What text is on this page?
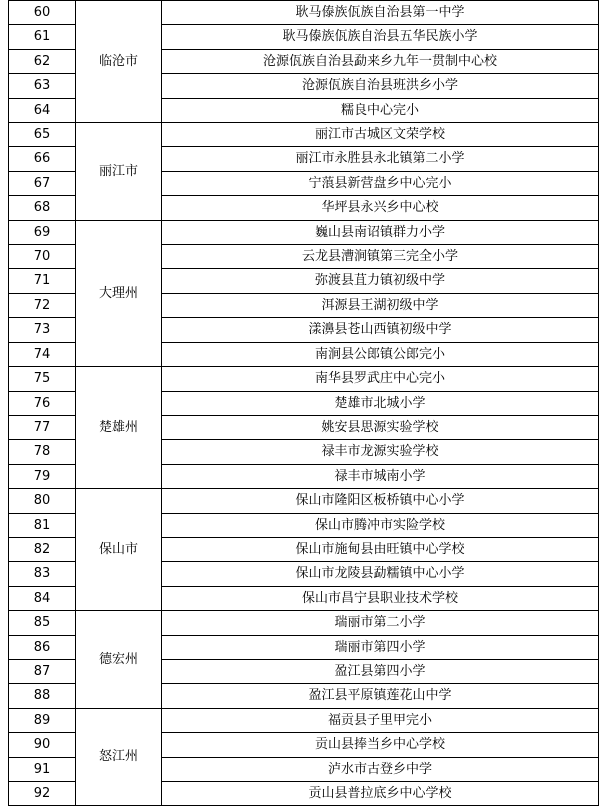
60	临沧市	耿马傣族佤族自治县第一中学
61		耿马傣族佤族自治县五华民族小学
62		沧源佤族自治县勐来乡九年一贯制中心校
63		沧源佤族自治县班洪乡小学
64		糯良中心完小
65	丽江市	丽江市古城区文荣学校
66		丽江市永胜县永北镇第二小学
67		宁蒗县新营盘乡中心完小
68		华坪县永兴乡中心校
69	大理州	巍山县南诏镇群力小学
70		云龙县漕涧镇第三完全小学
71		弥渡县苴力镇初级中学
72		洱源县王湖初级中学
73		漾濞县苍山西镇初级中学
74		南涧县公郎镇公郎完小
75	楚雄州	南华县罗武庄中心完小
76		楚雄市北城小学
77		姚安县思源实验学校
78		禄丰市龙源实验学校
79		禄丰市城南小学
80	保山市	保山市隆阳区板桥镇中心小学
81		保山市腾冲市实险学校
82		保山市施甸县由旺镇中心学校
83		保山市龙陵县勐糯镇中心小学
84		保山市昌宁县职业技术学校
85	德宏州	瑞丽市第二小学
86		瑞丽市第四小学
87		盈江县第四小学
88		盈江县平原镇莲花山中学
89	怒江州	福贡县子里甲完小
90		贡山县捧当乡中心学校
91		泸水市古登乡中学
92		贡山县普拉底乡中心学校
